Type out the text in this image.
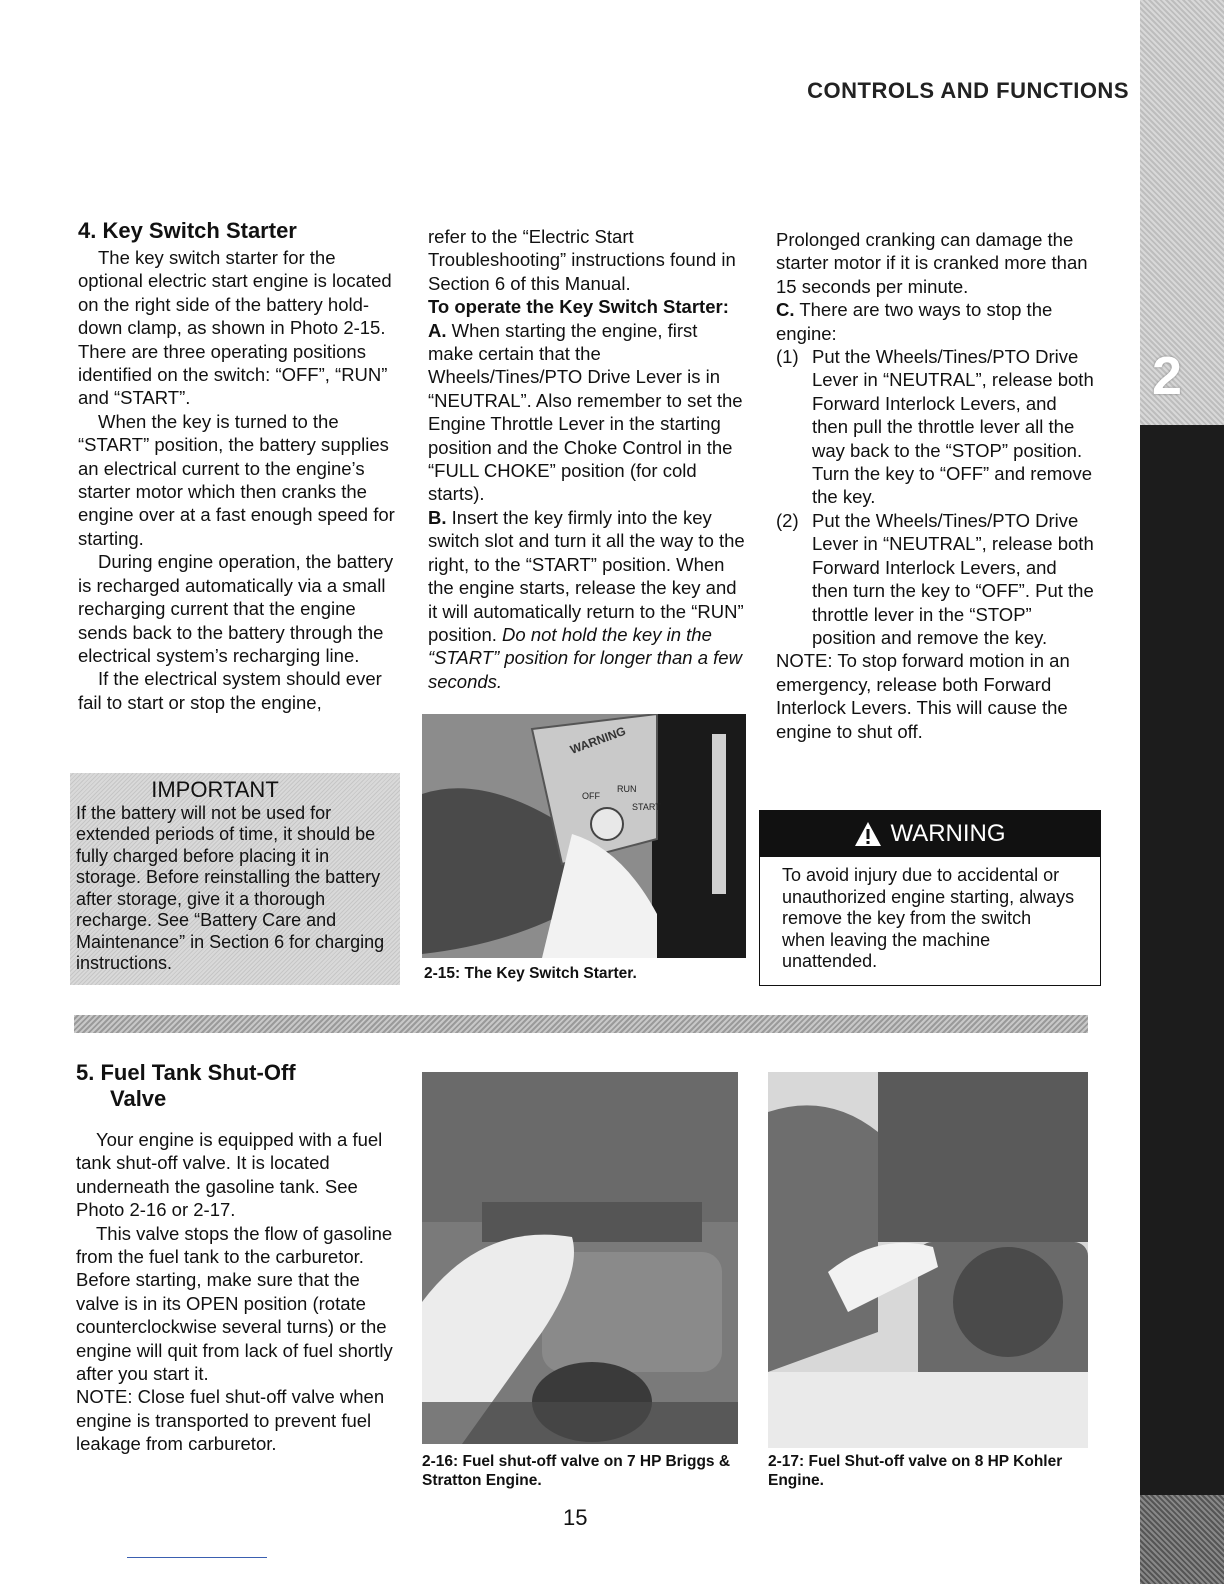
CONTROLS AND FUNCTIONS
2
4. Key Switch Starter

The key switch starter for the optional electric start engine is located on the right side of the battery hold-down clamp, as shown in Photo 2-15. There are three operating positions identified on the switch: “OFF”, “RUN” and “START”.

When the key is turned to the “START” position, the battery supplies an electrical current to the engine’s starter motor which then cranks the engine over at a fast enough speed for starting.

During engine operation, the battery is recharged automatically via a small recharging current that the engine sends back to the battery through the electrical system’s recharging line.

If the electrical system should ever fail to start or stop the engine,

IMPORTANT
If the battery will not be used for extended periods of time, it should be fully charged before placing it in storage. Before reinstalling the battery after storage, give it a thorough recharge. See “Battery Care and Maintenance” in Section 6 for charging instructions.

refer to the “Electric Start Troubleshooting” instructions found in Section 6 of this Manual.

To operate the Key Switch Starter:

A. When starting the engine, first make certain that the Wheels/Tines/PTO Drive Lever is in “NEUTRAL”. Also remember to set the Engine Throttle Lever in the starting position and the Choke Control in the “FULL CHOKE” position (for cold starts).

B. Insert the key firmly into the key switch slot and turn it all the way to the right, to the “START” position. When the engine starts, release the key and it will automatically return to the “RUN” position. Do not hold the key in the “START” position for longer than a few seconds.

WARNING
OFF
RUN
START
2-15: The Key Switch Starter.

Prolonged cranking can damage the starter motor if it is cranked more than 15 seconds per minute.

C. There are two ways to stop the engine:

(1) Put the Wheels/Tines/PTO Drive Lever in “NEUTRAL”, release both Forward Interlock Levers, and then pull the throttle lever all the way back to the “STOP” position. Turn the key to “OFF” and remove the key.
(2) Put the Wheels/Tines/PTO Drive Lever in “NEUTRAL”, release both Forward Interlock Levers, and then turn the key to “OFF”. Put the throttle lever in the “STOP” position and remove the key.

NOTE: To stop forward motion in an emergency, release both Forward Interlock Levers. This will cause the engine to shut off.

WARNING
To avoid injury due to accidental or unauthorized engine starting, always remove the key from the switch when leaving the machine unattended.
5. Fuel Tank Shut-Off
Valve

Your engine is equipped with a fuel tank shut-off valve. It is located underneath the gasoline tank. See Photo 2-16 or 2-17.

This valve stops the flow of gasoline from the fuel tank to the carburetor. Before starting, make sure that the valve is in its OPEN position (rotate counterclockwise several turns) or the engine will quit from lack of fuel shortly after you start it.

NOTE: Close fuel shut-off valve when engine is transported to prevent fuel leakage from carburetor.

2-16: Fuel shut-off valve on 7 HP Briggs & Stratton Engine.
2-17: Fuel Shut-off valve on 8 HP Kohler Engine.
15
